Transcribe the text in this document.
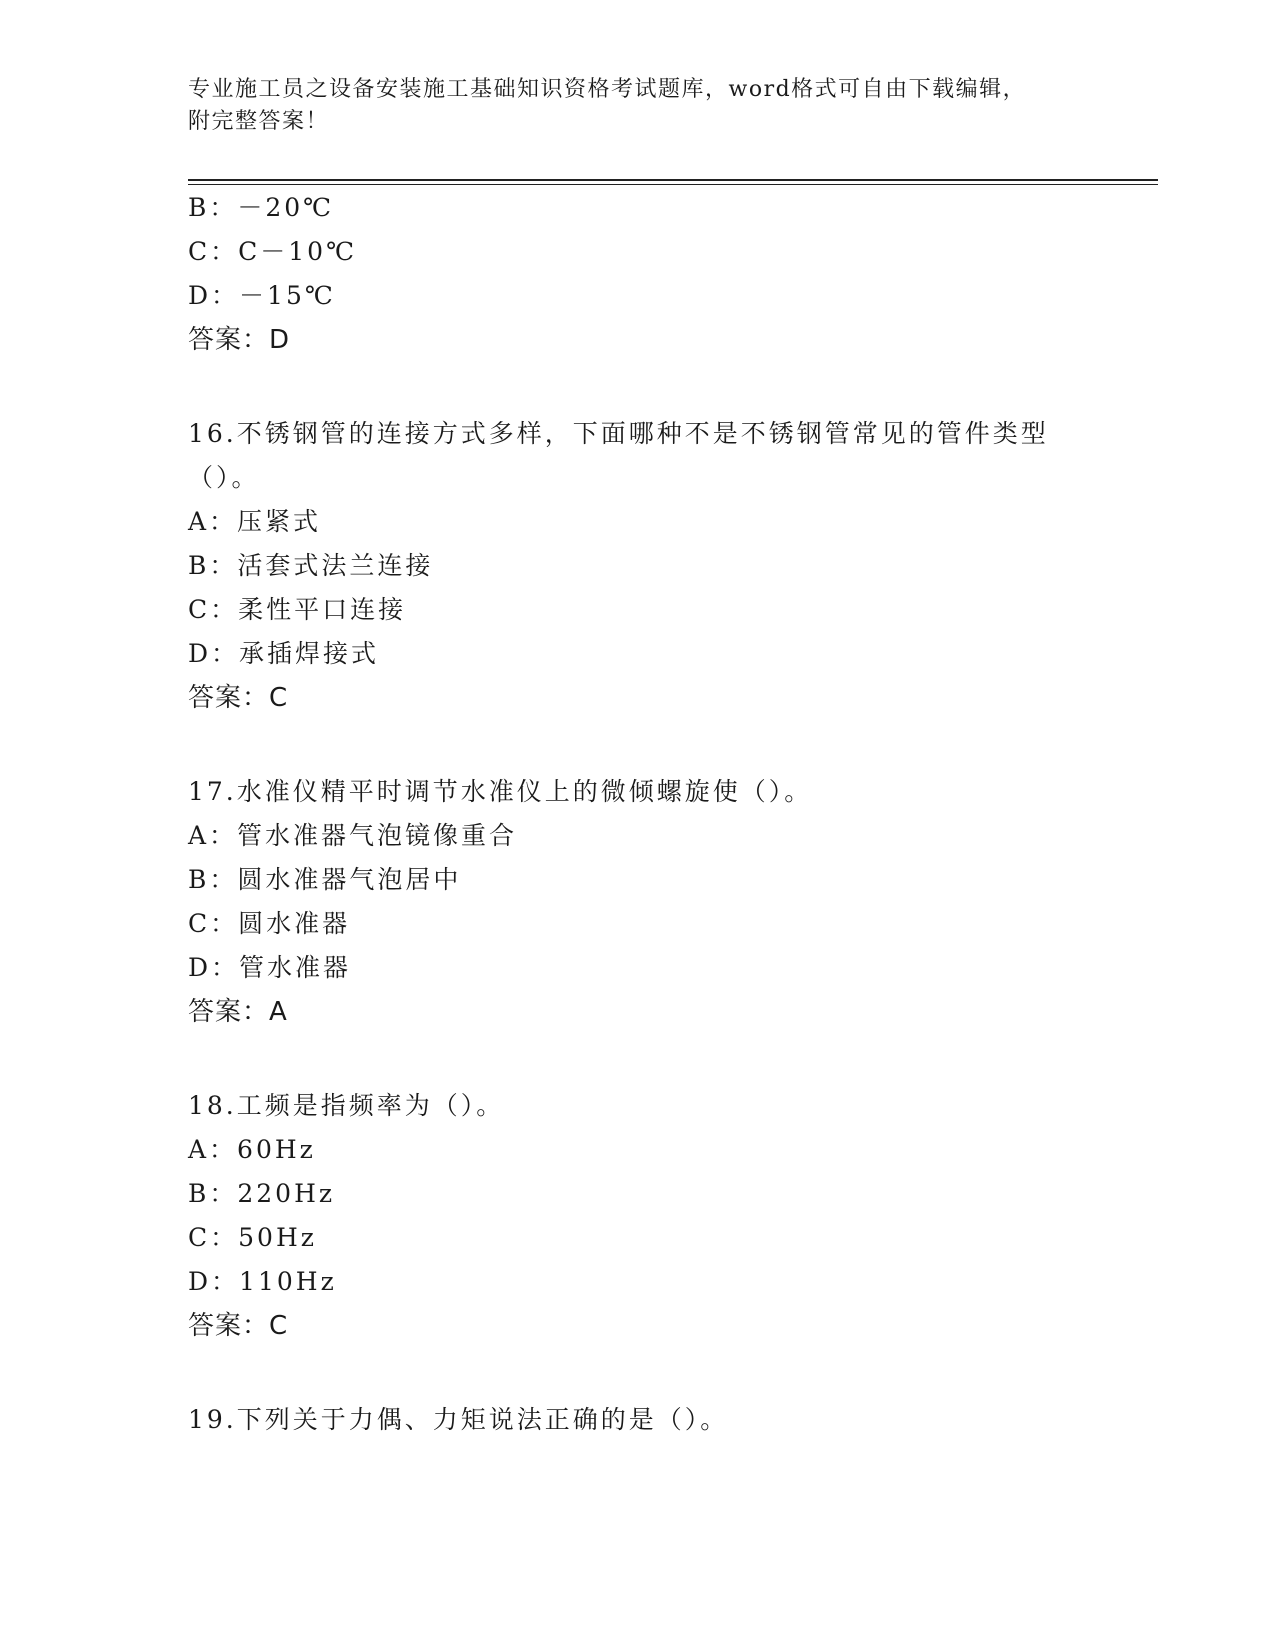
专业施工员之设备安装施工基础知识资格考试题库，word格式可自由下载编辑，
附完整答案！
B：－20℃
C：C－10℃
D：－15℃
答案：D
16.不锈钢管的连接方式多样，下面哪种不是不锈钢管常见的管件类型
（）。
A：压紧式
B：活套式法兰连接
C：柔性平口连接
D：承插焊接式
答案：C
17.水准仪精平时调节水准仪上的微倾螺旋使（）。
A：管水准器气泡镜像重合
B：圆水准器气泡居中
C：圆水准器
D：管水准器
答案：A
18.工频是指频率为（）。
A：60Hz
B：220Hz
C：50Hz
D：110Hz
答案：C
19.下列关于力偶、力矩说法正确的是（）。
